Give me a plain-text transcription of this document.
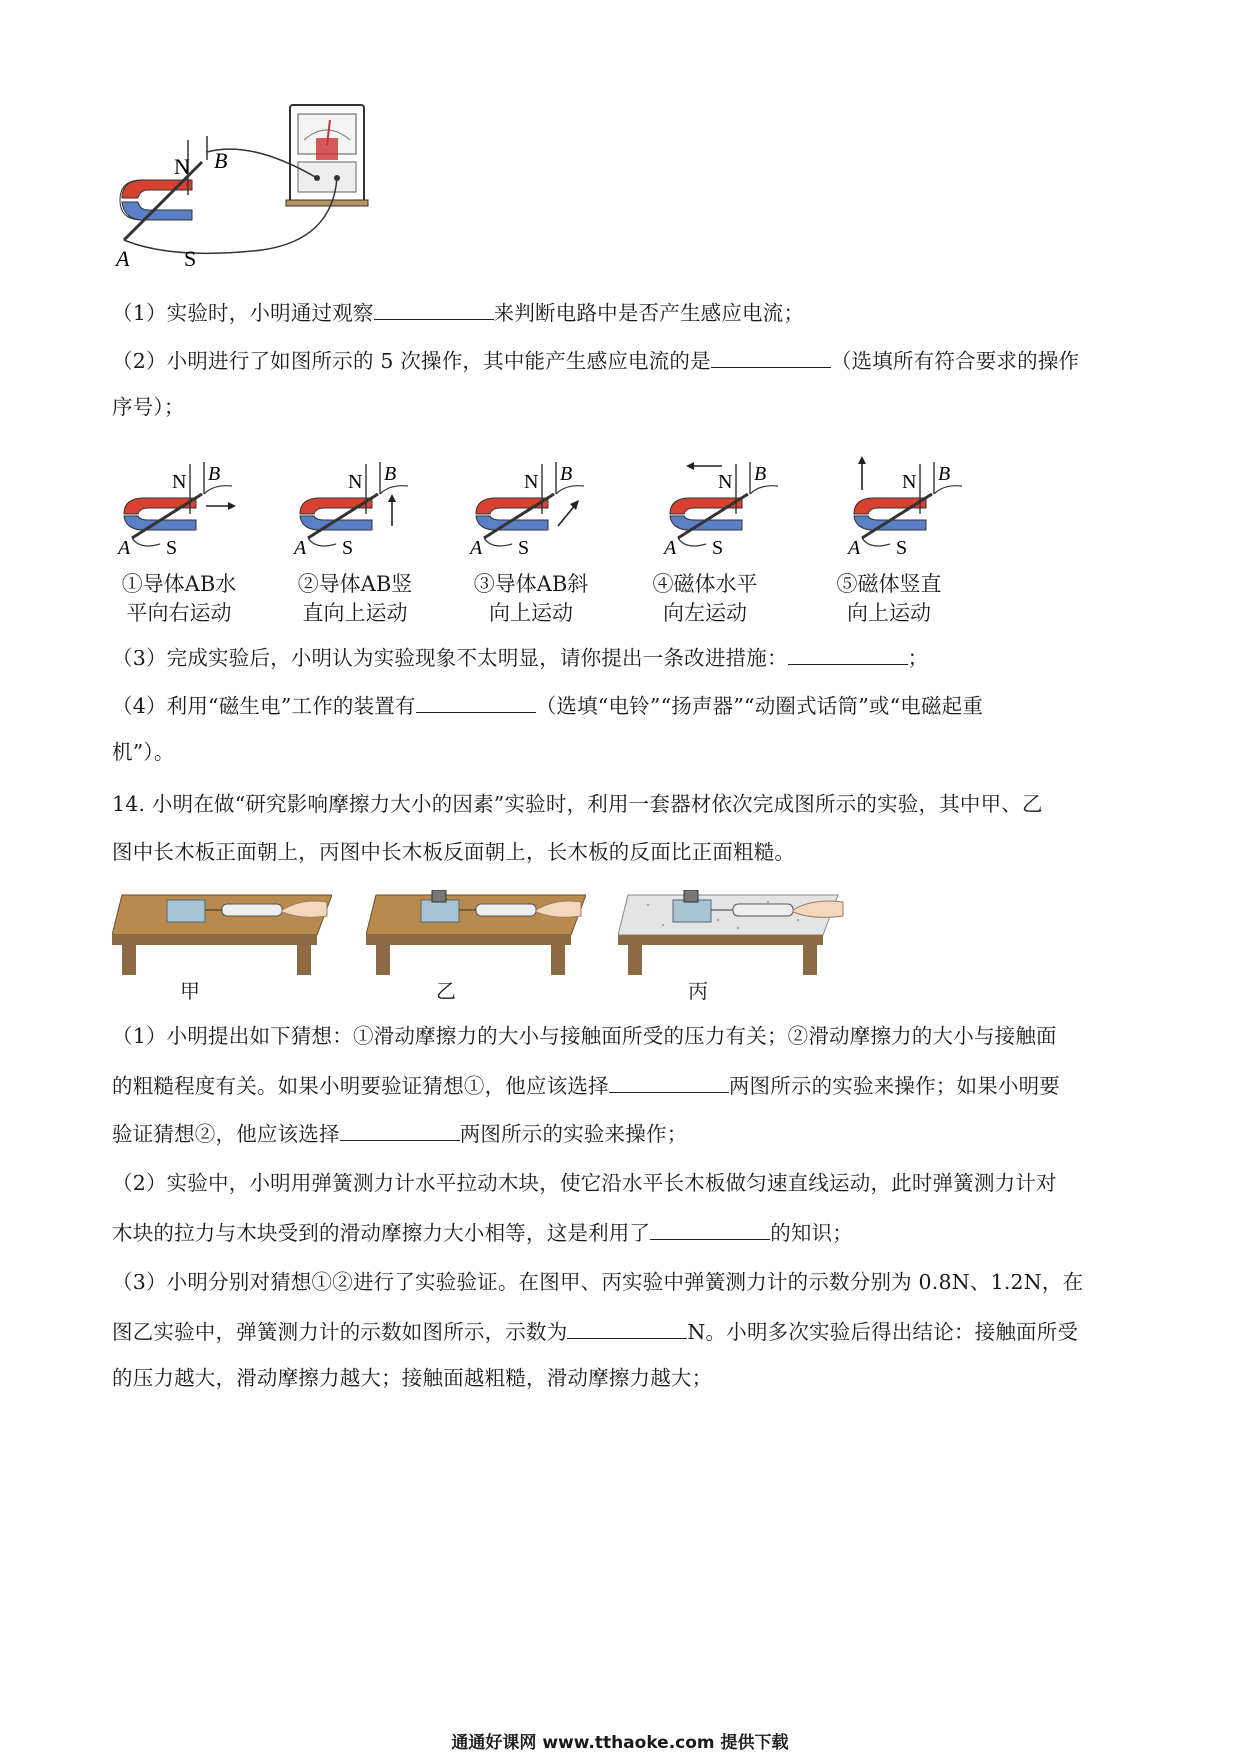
N B
A S
（1）实验时，小明通过观察	来判断电路中是否产生感应电流；
（2）小明进行了如图所示的 5 次操作，其中能产生感应电流的是	（选填所有符合要求的操作
序号）；
N B
A S
①导体AB水
平向右运动
N B
A S
②导体AB竖
直向上运动
N B
A S
③导体AB斜
向上运动
N B
A S
④磁体水平
向左运动
N B
A S
⑤磁体竖直
向上运动
（3）完成实验后，小明认为实验现象不太明显，请你提出一条改进措施：	；
（4）利用“磁生电”工作的装置有	（选填“电铃”“扬声器”“动圈式话筒”或“电磁起重
机”）。
14. 小明在做“研究影响摩擦力大小的因素”实验时，利用一套器材依次完成图所示的实验，其中甲、乙
图中长木板正面朝上，丙图中长木板反面朝上，长木板的反面比正面粗糙。
甲	乙	丙
（1）小明提出如下猜想：①滑动摩擦力的大小与接触面所受的压力有关；②滑动摩擦力的大小与接触面
的粗糙程度有关。如果小明要验证猜想①，他应该选择	两图所示的实验来操作；如果小明要
验证猜想②，他应该选择	两图所示的实验来操作；
（2）实验中，小明用弹簧测力计水平拉动木块，使它沿水平长木板做匀速直线运动，此时弹簧测力计对
木块的拉力与木块受到的滑动摩擦力大小相等，这是利用了	的知识；
（3）小明分别对猜想①②进行了实验验证。在图甲、丙实验中弹簧测力计的示数分别为 0.8N、1.2N，在
图乙实验中，弹簧测力计的示数如图所示，示数为	N。小明多次实验后得出结论：接触面所受
的压力越大，滑动摩擦力越大；接触面越粗糙，滑动摩擦力越大；
通通好课网 www.tthaoke.com 提供下载
